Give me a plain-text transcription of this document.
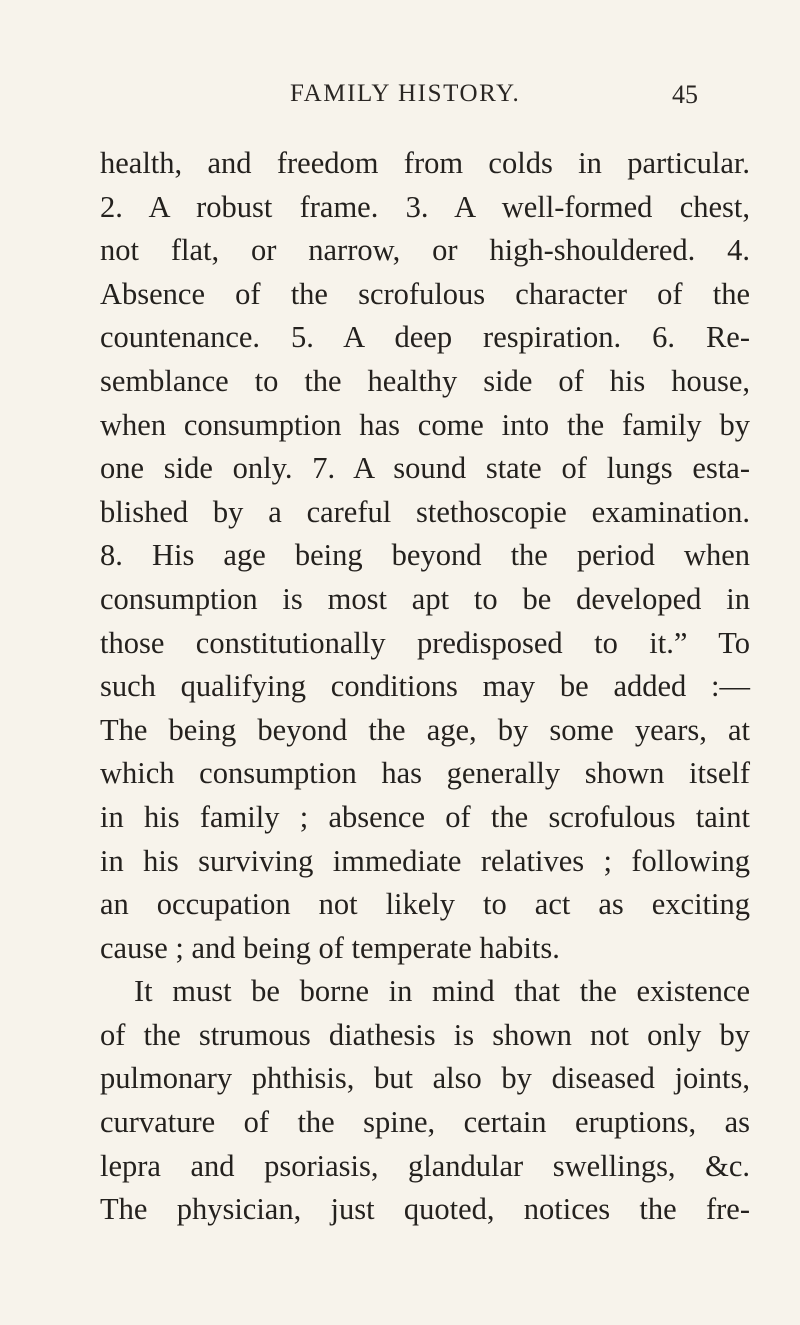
FAMILY HISTORY.	45
health, and freedom from colds in particular.
2. A robust frame. 3. A well-formed chest,
not flat, or narrow, or high-shouldered. 4.
Absence of the scrofulous character of the
countenance. 5. A deep respiration. 6. Re-
semblance to the healthy side of his house,
when consumption has come into the family by
one side only. 7. A sound state of lungs esta-
blished by a careful stethoscopie examination.
8. His age being beyond the period when
consumption is most apt to be developed in
those constitutionally predisposed to it.” To
such qualifying conditions may be added :—
The being beyond the age, by some years, at
which consumption has generally shown itself
in his family ; absence of the scrofulous taint
in his surviving immediate relatives ; following
an occupation not likely to act as exciting
cause ; and being of temperate habits.
It must be borne in mind that the existence
of the strumous diathesis is shown not only by
pulmonary phthisis, but also by diseased joints,
curvature of the spine, certain eruptions, as
lepra and psoriasis, glandular swellings, &c.
The physician, just quoted, notices the fre-
